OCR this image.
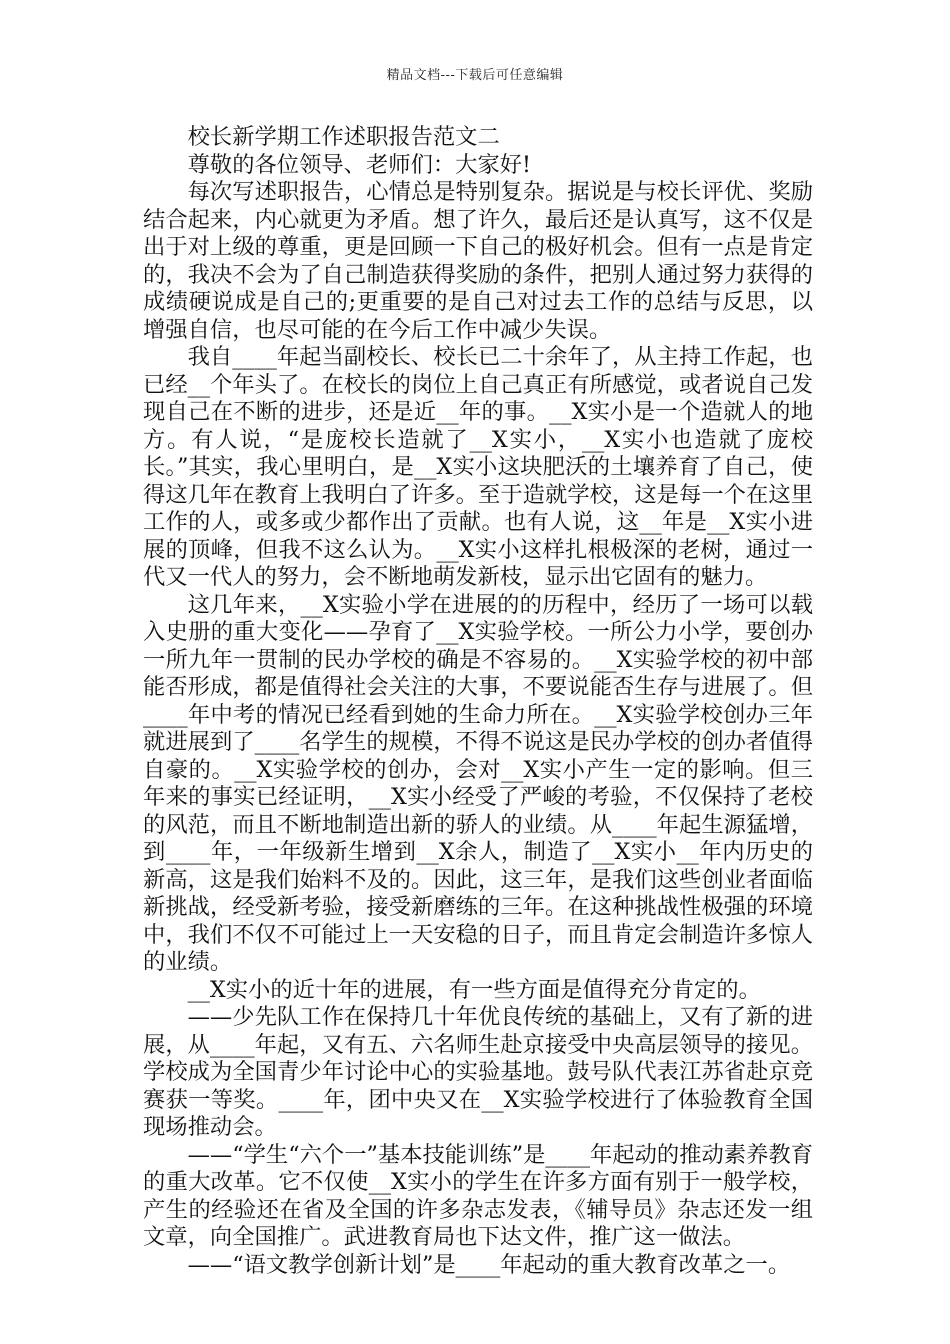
精品文档---下载后可任意编辑

校长新学期工作述职报告范文二

尊敬的各位领导、老师们：大家好!

每次写述职报告，心情总是特别复杂。据说是与校长评优、奖励结合起来，内心就更为矛盾。想了许久，最后还是认真写，这不仅是出于对上级的尊重，更是回顾一下自己的极好机会。但有一点是肯定的，我决不会为了自己制造获得奖励的条件，把别人通过努力获得的成绩硬说成是自己的;更重要的是自己对过去工作的总结与反思，以增强自信，也尽可能的在今后工作中减少失误。

我自____年起当副校长、校长已二十余年了，从主持工作起，也已经__个年头了。在校长的岗位上自己真正有所感觉，或者说自己发现自己在不断的进步，还是近__年的事。__X实小是一个造就人的地方。有人说，“是庞校长造就了__X实小，__X实小也造就了庞校长。”其实，我心里明白，是__X实小这块肥沃的土壤养育了自己，使得这几年在教育上我明白了许多。至于造就学校，这是每一个在这里工作的人，或多或少都作出了贡献。也有人说，这__年是__X实小进展的顶峰，但我不这么认为。__X实小这样扎根极深的老树，通过一代又一代人的努力，会不断地萌发新枝，显示出它固有的魅力。

这几年来，__X实验小学在进展的的历程中，经历了一场可以载入史册的重大变化——孕育了__X实验学校。一所公力小学，要创办一所九年一贯制的民办学校的确是不容易的。__X实验学校的初中部能否形成，都是值得社会关注的大事，不要说能否生存与进展了。但____年中考的情况已经看到她的生命力所在。__X实验学校创办三年就进展到了____名学生的规模，不得不说这是民办学校的创办者值得自豪的。__X实验学校的创办，会对__X实小产生一定的影响。但三年来的事实已经证明，__X实小经受了严峻的考验，不仅保持了老校的风范，而且不断地制造出新的骄人的业绩。从____年起生源猛增，到____年，一年级新生增到__X余人，制造了__X实小__年内历史的新高，这是我们始料不及的。因此，这三年，是我们这些创业者面临新挑战，经受新考验，接受新磨练的三年。在这种挑战性极强的环境中，我们不仅不可能过上一天安稳的日子，而且肯定会制造许多惊人的业绩。

__X实小的近十年的进展，有一些方面是值得充分肯定的。

——少先队工作在保持几十年优良传统的基础上，又有了新的进展，从____年起，又有五、六名师生赴京接受中央高层领导的接见。学校成为全国青少年讨论中心的实验基地。鼓号队代表江苏省赴京竞赛获一等奖。____年，团中央又在__X实验学校进行了体验教育全国现场推动会。

——“学生“六个一”基本技能训练”是____年起动的推动素养教育的重大改革。它不仅使__X实小的学生在许多方面有别于一般学校，产生的经验还在省及全国的许多杂志发表，《辅导员》杂志还发一组文章，向全国推广。武进教育局也下达文件，推广这一做法。

——“语文教学创新计划”是____年起动的重大教育改革之一。
